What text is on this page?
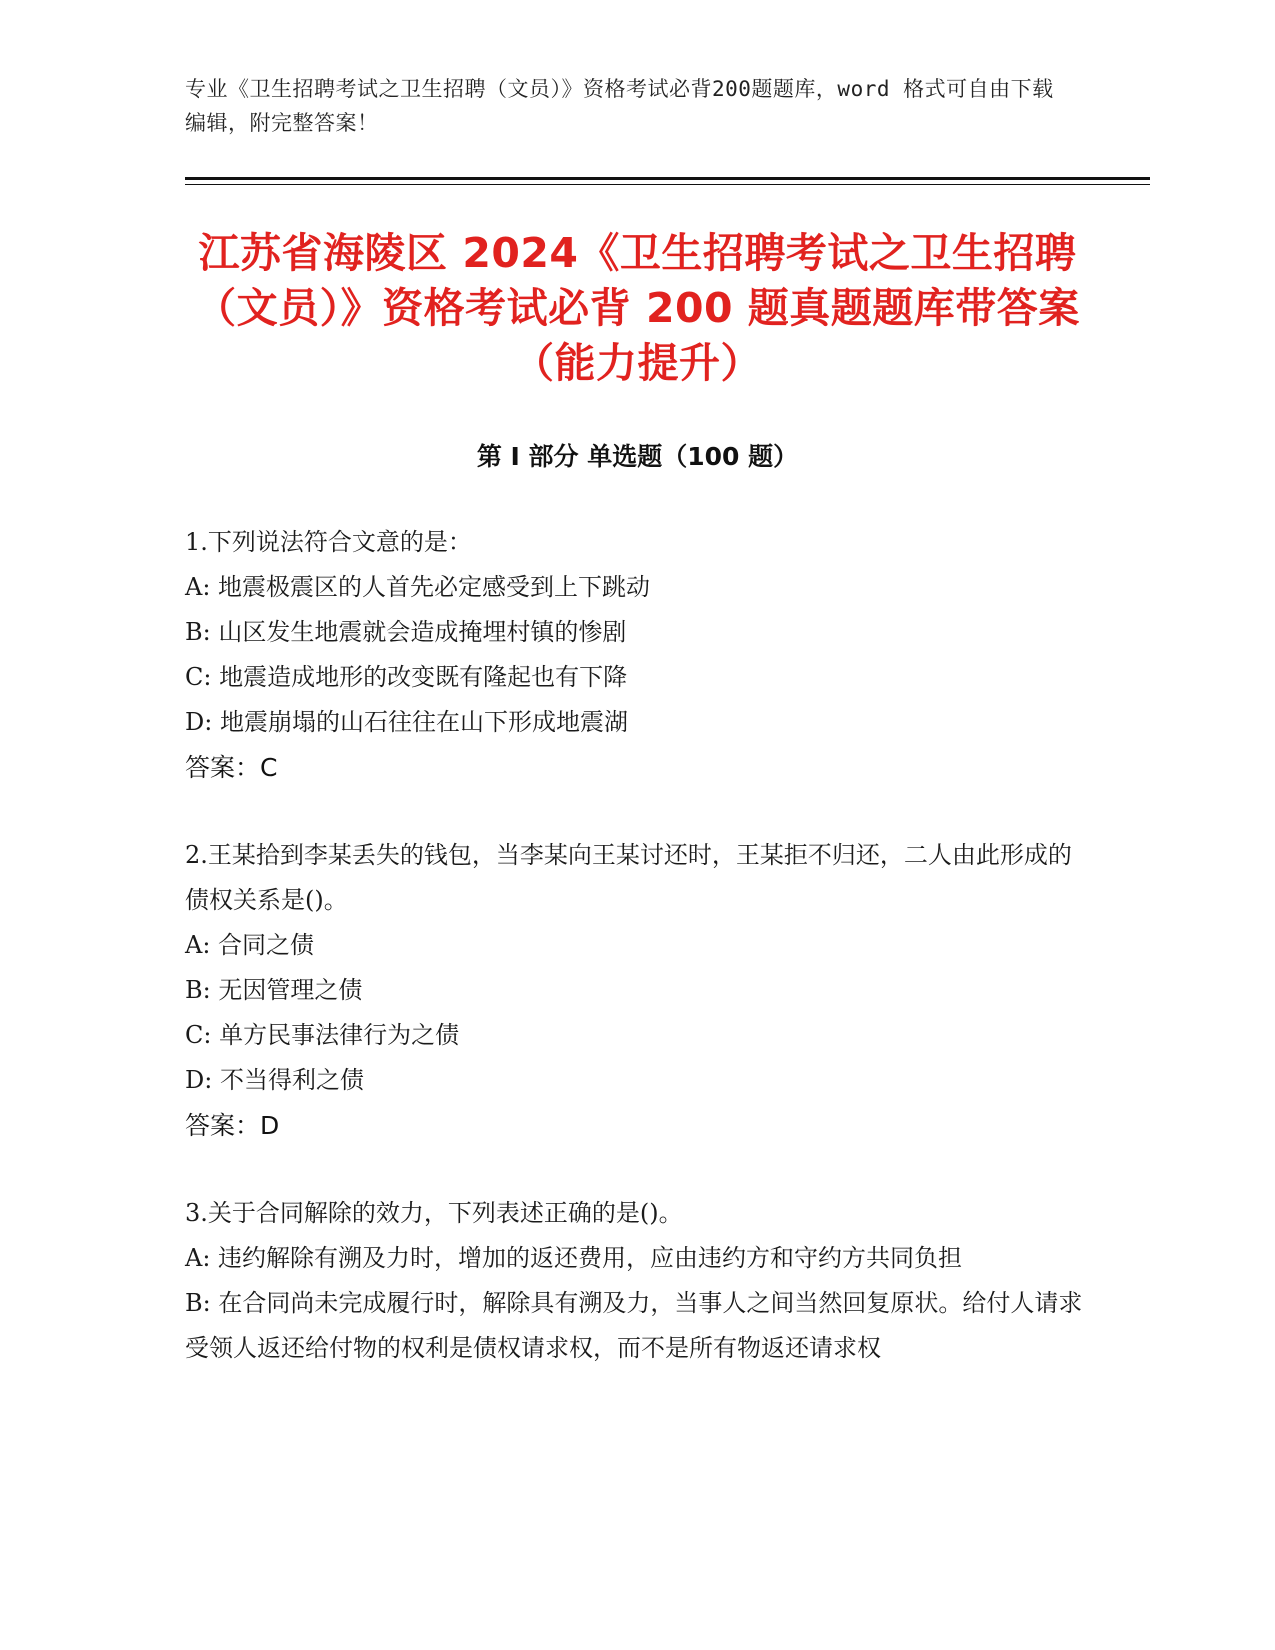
专业《卫生招聘考试之卫生招聘（文员）》资格考试必背200题题库，word 格式可自由下载编辑，附完整答案！
江苏省海陵区 2024《卫生招聘考试之卫生招聘（文员）》资格考试必背 200 题真题题库带答案（能力提升）
第 I 部分 单选题（100 题）
1.下列说法符合文意的是：
A: 地震极震区的人首先必定感受到上下跳动
B: 山区发生地震就会造成掩埋村镇的惨剧
C: 地震造成地形的改变既有隆起也有下降
D: 地震崩塌的山石往往在山下形成地震湖
答案：C
2.王某拾到李某丢失的钱包，当李某向王某讨还时，王某拒不归还，二人由此形成的债权关系是()。
A: 合同之债
B: 无因管理之债
C: 单方民事法律行为之债
D: 不当得利之债
答案：D
3.关于合同解除的效力，下列表述正确的是()。
A: 违约解除有溯及力时，增加的返还费用，应由违约方和守约方共同负担
B: 在合同尚未完成履行时，解除具有溯及力，当事人之间当然回复原状。给付人请求受领人返还给付物的权利是债权请求权，而不是所有物返还请求权
